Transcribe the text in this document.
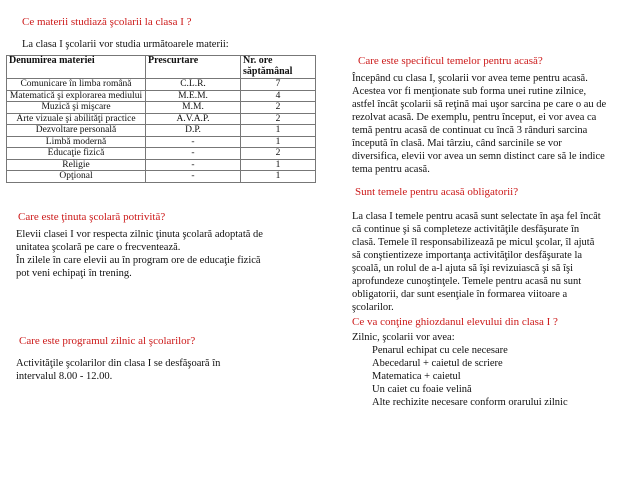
Ce materii studiază şcolarii la clasa I ?
La clasa I şcolarii vor studia următoarele materii:
Denumirea materiei	Prescurtare	Nr. ore săptămânal
Comunicare în limba română	C.L.R.	7
Matematică şi explorarea mediului	M.E.M.	4
Muzică şi mişcare	M.M.	2
Arte vizuale şi abilităţi practice	A.V.A.P.	2
Dezvoltare personală	D.P.	1
Limbă modernă	-	1
Educaţie fizică	-	2
Religie	-	1
Opţional	-	1
Care este ţinuta şcolară potrivită?
Elevii clasei I vor respecta zilnic ţinuta şcolară adoptată de
unitatea şcolară pe care o frecventează.
În zilele în care elevii au în program ore de educaţie fizică
pot veni echipaţi în trening.
Care este programul zilnic al şcolarilor?
Activităţile şcolarilor din clasa I se desfăşoară în
intervalul 8.00 - 12.00.
Care este specificul temelor pentru acasă?
Începând cu clasa I, şcolarii vor avea teme pentru acasă.
Acestea vor fi menţionate sub forma unei rutine zilnice,
astfel încât şcolarii să reţină mai uşor sarcina pe care o au de
rezolvat acasă. De exemplu, pentru început, ei vor avea ca
temă pentru acasă de continuat cu încă 3 rânduri sarcina
începută în clasă. Mai târziu, când sarcinile se vor
diversifica, elevii vor avea un semn distinct care să le indice
tema pentru acasă.
Sunt temele pentru acasă obligatorii?
La clasa I temele pentru acasă sunt selectate în aşa fel încât
că continue şi să completeze activităţile desfăşurate în
clasă. Temele îl responsabilizează pe micul şcolar, îl ajută
să conştientizeze importanţa activităţilor desfăşurate la
şcoală, un rolul de a-l ajuta să îşi revizuiască şi să îşi
aprofundeze cunoştinţele. Temele pentru acasă nu sunt
obligatorii, dar sunt esenţiale în formarea viitoare a
şcolarilor.
Ce va conţine ghiozdanul elevului din clasa I ?
Zilnic, şcolarii vor avea:
Penarul echipat cu cele necesare
Abecedarul + caietul de scriere
Matematica + caietul
Un caiet cu foaie velină
Alte rechizite necesare conform orarului zilnic
